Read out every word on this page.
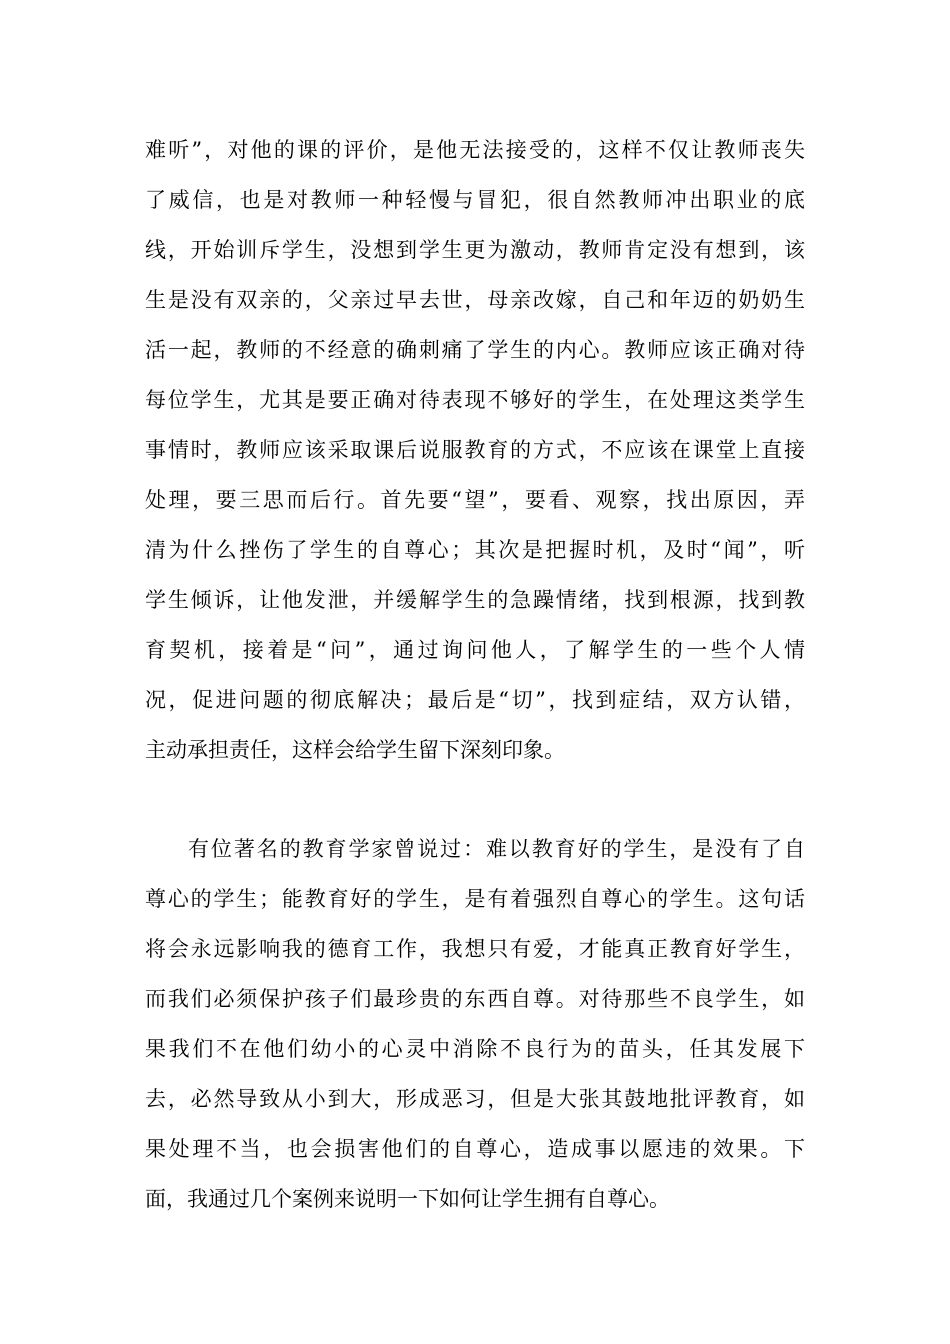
难听”，对他的课的评价，是他无法接受的，这样不仅让教师丧失
了威信，也是对教师一种轻慢与冒犯，很自然教师冲出职业的底
线，开始训斥学生，没想到学生更为激动，教师肯定没有想到，该
生是没有双亲的，父亲过早去世，母亲改嫁，自己和年迈的奶奶生
活一起，教师的不经意的确刺痛了学生的内心。教师应该正确对待
每位学生，尤其是要正确对待表现不够好的学生，在处理这类学生
事情时，教师应该采取课后说服教育的方式，不应该在课堂上直接
处理，要三思而后行。首先要“望”，要看、观察，找出原因，弄
清为什么挫伤了学生的自尊心；其次是把握时机，及时“闻”，听
学生倾诉，让他发泄，并缓解学生的急躁情绪，找到根源，找到教
育契机，接着是“问”，通过询问他人，了解学生的一些个人情
况，促进问题的彻底解决；最后是“切”，找到症结，双方认错，
主动承担责任，这样会给学生留下深刻印象。
有位著名的教育学家曾说过：难以教育好的学生，是没有了自
尊心的学生；能教育好的学生，是有着强烈自尊心的学生。这句话
将会永远影响我的德育工作，我想只有爱，才能真正教育好学生，
而我们必须保护孩子们最珍贵的东西自尊。对待那些不良学生，如
果我们不在他们幼小的心灵中消除不良行为的苗头，任其发展下
去，必然导致从小到大，形成恶习，但是大张其鼓地批评教育，如
果处理不当，也会损害他们的自尊心，造成事以愿违的效果。下
面，我通过几个案例来说明一下如何让学生拥有自尊心。
